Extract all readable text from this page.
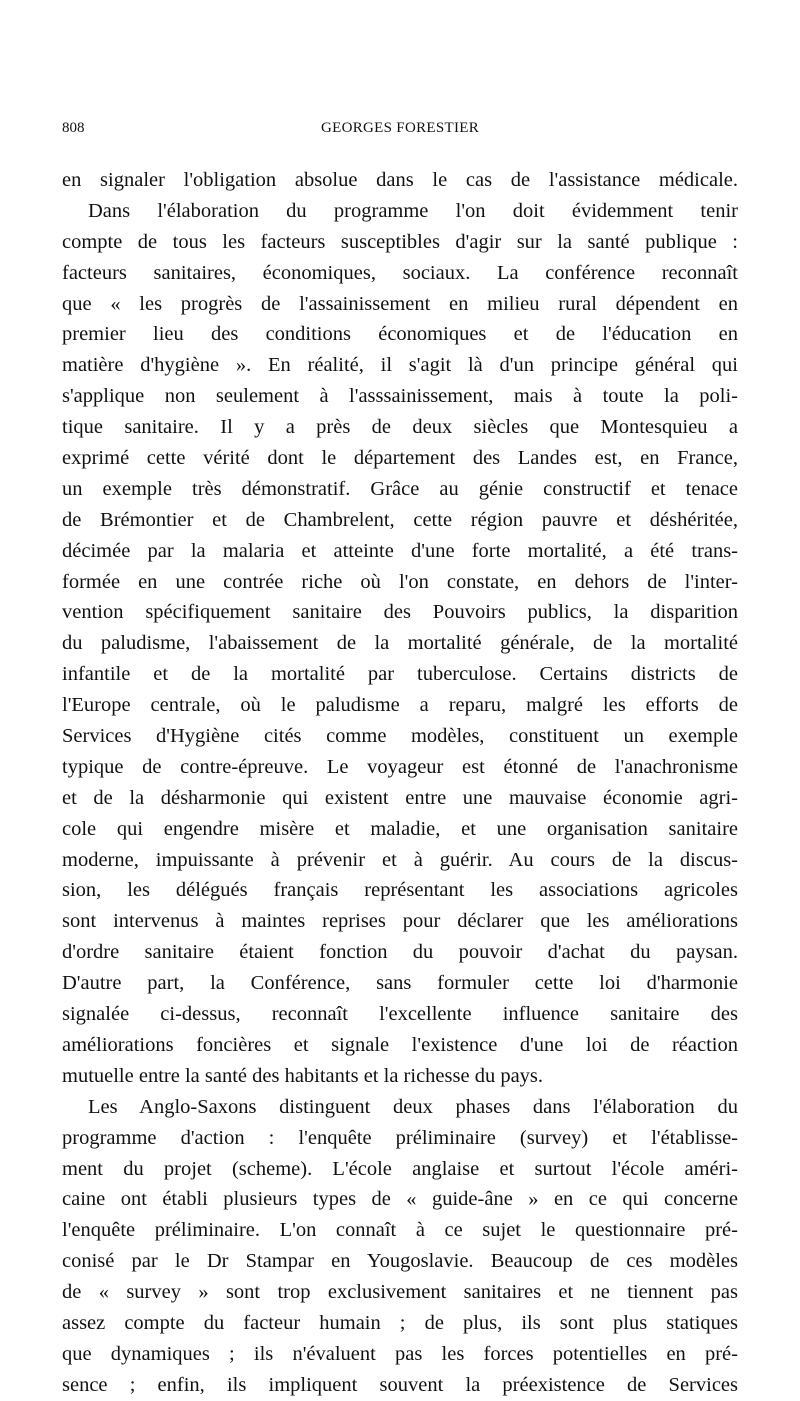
808	GEORGES FORESTIER
en signaler l'obligation absolue dans le cas de l'assistance médicale.
Dans l'élaboration du programme l'on doit évidemment tenir
compte de tous les facteurs susceptibles d'agir sur la santé publique :
facteurs sanitaires, économiques, sociaux. La conférence reconnaît
que « les progrès de l'assainissement en milieu rural dépendent en
premier lieu des conditions économiques et de l'éducation en
matière d'hygiène ». En réalité, il s'agit là d'un principe général qui
s'applique non seulement à l'asssainissement, mais à toute la poli-
tique sanitaire. Il y a près de deux siècles que Montesquieu a
exprimé cette vérité dont le département des Landes est, en France,
un exemple très démonstratif. Grâce au génie constructif et tenace
de Brémontier et de Chambrelent, cette région pauvre et déshéritée,
décimée par la malaria et atteinte d'une forte mortalité, a été trans-
formée en une contrée riche où l'on constate, en dehors de l'inter-
vention spécifiquement sanitaire des Pouvoirs publics, la disparition
du paludisme, l'abaissement de la mortalité générale, de la mortalité
infantile et de la mortalité par tuberculose. Certains districts de
l'Europe centrale, où le paludisme a reparu, malgré les efforts de
Services d'Hygiène cités comme modèles, constituent un exemple
typique de contre-épreuve. Le voyageur est étonné de l'anachronisme
et de la désharmonie qui existent entre une mauvaise économie agri-
cole qui engendre misère et maladie, et une organisation sanitaire
moderne, impuissante à prévenir et à guérir. Au cours de la discus-
sion, les délégués français représentant les associations agricoles
sont intervenus à maintes reprises pour déclarer que les améliorations
d'ordre sanitaire étaient fonction du pouvoir d'achat du paysan.
D'autre part, la Conférence, sans formuler cette loi d'harmonie
signalée ci-dessus, reconnaît l'excellente influence sanitaire des
améliorations foncières et signale l'existence d'une loi de réaction
mutuelle entre la santé des habitants et la richesse du pays.
Les Anglo-Saxons distinguent deux phases dans l'élaboration du
programme d'action : l'enquête préliminaire (survey) et l'établisse-
ment du projet (scheme). L'école anglaise et surtout l'école améri-
caine ont établi plusieurs types de « guide-âne » en ce qui concerne
l'enquête préliminaire. L'on connaît à ce sujet le questionnaire pré-
conisé par le Dr Stampar en Yougoslavie. Beaucoup de ces modèles
de « survey » sont trop exclusivement sanitaires et ne tiennent pas
assez compte du facteur humain ; de plus, ils sont plus statiques
que dynamiques ; ils n'évaluent pas les forces potentielles en pré-
sence ; enfin, ils impliquent souvent la préexistence de Services
